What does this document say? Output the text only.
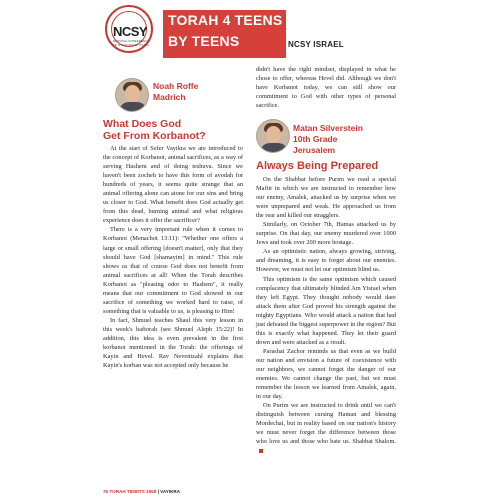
NCSY
NATIONAL CONFERENCE OF SYNAGOGUE YOUTH
TORAH 4 TEENS
BY TEENS	NCSY ISRAEL
Noah Roffe
Madrich
What Does God
Get From Korbanot?

At the start of Sefer Vayikra we are introduced to the concept of Korbanot, animal sacrifices, as a way of serving Hashem and of doing teshuva. Since we haven't been zocheh to have this form of avodah for hundreds of years, it seems quite strange that an animal offering alone can atone for our sins and bring us closer to God. What benefit does God actually get from this dead, burning animal and what religious experience does it offer the sacrificer?

There is a very important rule when it comes to Korbanot (Menachot 13:11): "Whether one offers a large or small offering [doesn't matter], only that they should have God [shamayim] in mind." This rule shows us that of course God does not benefit from animal sacrifices at all! When the Torah describes Korbanot as "pleasing odor to Hashem", it really means that our commitment to God showed in our sacrifice of something we worked hard to raise, of something that is valuable to us, is pleasing to Him!

In fact, Shmuel teaches Shaul this very lesson in this week's haftorah (see Shmuel Aleph 15:22)! In addition, this idea is even prevalent in the first korbanot mentioned in the Torah: the offerings of Kayin and Hevel. Rav Neventzahl explains that Kayin's korban was not accepted only because he

didn't have the right mindset, displayed in what he chose to offer, whereas Hevel did. Although we don't have Korbanot today, we can still show our commitment to God with other types of personal sacrifice.

Matan Silverstein
10th Grade
Jerusalem
Always Being Prepared

On the Shabbat before Purim we read a special Maftir in which we are instructed to remember how our enemy, Amalek, attacked us by surprise when we were unprepared and weak. He approached us from the rear and killed our stragglers.

Similarly, on October 7th, Hamas attacked us by surprise. On that day, our enemy murdered over 1000 Jews and took over 200 more hostage.

As an optimistic nation, always growing, striving, and dreaming, it is easy to forget about our enemies. However, we must not let our optimism blind us.

This optimism is the same optimism which caused complacency that ultimately blinded Am Yisrael when they left Egypt. They thought nobody would dare attack them after God proved his strength against the mighty Egyptians. Who would attack a nation that had just defeated the biggest superpower in the region? But this is exactly what happened. They let their guard down and were attacked as a result.

Parashat Zachor reminds us that even as we build our nation and envision a future of coexistence with our neighbors, we cannot forget the danger of our enemies. We cannot change the past, but we must remember the lesson we learned from Amalek, again, in our day.

On Purim we are instructed to drink until we can't distinguish between cursing Haman and blessing Mordechai, but in reality based on our nation's history we must never forget the difference between those who love us and those who hate us. Shabbat Shalom.

76 TORAH TIDBITS 1558 | VAYIKRA
